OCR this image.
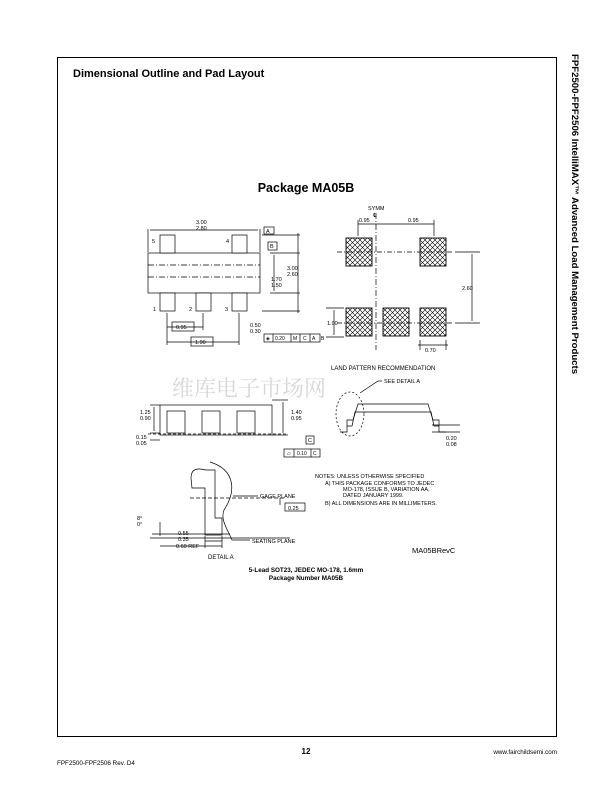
Dimensional Outline and Pad Layout	FPF2500-FPF2506 IntelliMAX™ Advanced Load Management Products
Package MA05B
维库电子市场网
3.00
2.80	A
B
3.00
2.60
1.70
1.50
0.95
1.90
0.50
0.30
5	4
1	2	3
◈ 0.20 M C A B
SYMM
℄
0.95	0.95
2.60
1.00
0.70
LAND PATTERN RECOMMENDATION
1.25
0.90
1.40
0.95
0.15
0.05
▱ 0.10 C
C
SEE DETAIL A
0.20
0.08
8°
0°
GAGE PLANE
0.25
0.55
0.35
0.60 REF
SEATING PLANE
DETAIL A
NOTES: UNLESS OTHERWISE SPECIFIED
A) THIS PACKAGE CONFORMS TO JEDEC
MO-178, ISSUE B, VARIATION AA,
DATED JANUARY 1999.
B) ALL DIMENSIONS ARE IN MILLIMETERS.
MA05BRevC
5-Lead SOT23, JEDEC MO-178, 1.6mm
Package Number MA05B
12
FPF2500-FPF2506 Rev. D4
www.fairchildsemi.com
